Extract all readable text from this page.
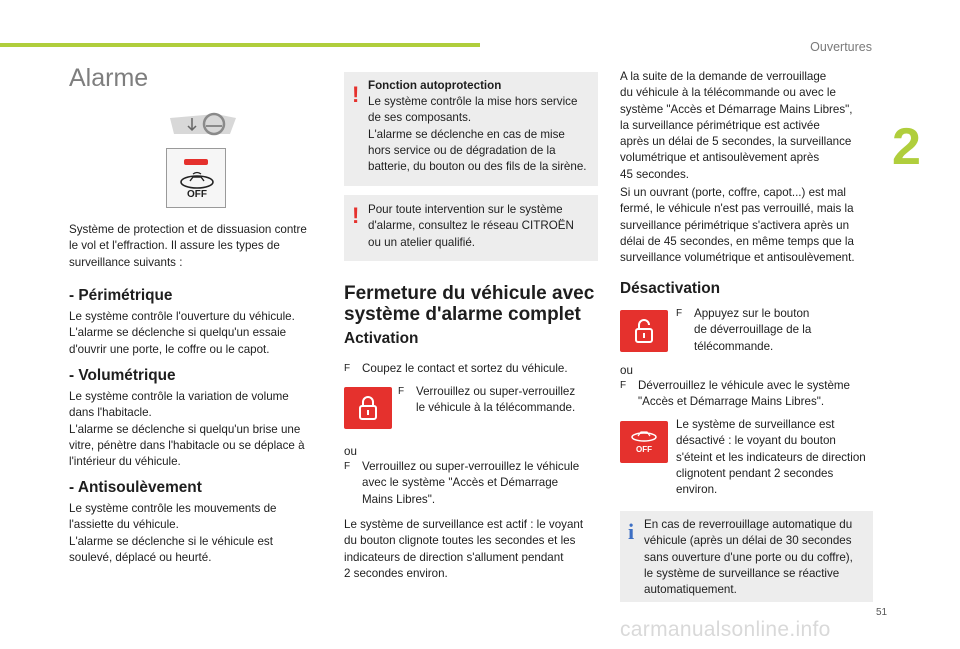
Ouvertures
2
Alarme
OFF
Système de protection et de dissuasion contre
le vol et l'effraction. Il assure les types de
surveillance suivants :
- Périmétrique
Le système contrôle l'ouverture du véhicule.
L'alarme se déclenche si quelqu'un essaie
d'ouvrir une porte, le coffre ou le capot.
- Volumétrique
Le système contrôle la variation de volume
dans l'habitacle.
L'alarme se déclenche si quelqu'un brise une
vitre, pénètre dans l'habitacle ou se déplace à
l'intérieur du véhicule.
- Antisoulèvement
Le système contrôle les mouvements de
l'assiette du véhicule.
L'alarme se déclenche si le véhicule est
soulevé, déplacé ou heurté.
! Fonction autoprotection
Le système contrôle la mise hors service
de ses composants.
L'alarme se déclenche en cas de mise
hors service ou de dégradation de la
batterie, du bouton ou des fils de la sirène.
! Pour toute intervention sur le système
d'alarme, consultez le réseau CITROËN
ou un atelier qualifié.
Fermeture du véhicule avec
système d'alarme complet
Activation
F	Coupez le contact et sortez du véhicule.
F	Verrouillez ou super-verrouillez
le véhicule à la télécommande.
ou
F	Verrouillez ou super-verrouillez le véhicule
avec le système "Accès et Démarrage
Mains Libres".
Le système de surveillance est actif : le voyant
du bouton clignote toutes les secondes et les
indicateurs de direction s'allument pendant
2 secondes environ.
A la suite de la demande de verrouillage
du véhicule à la télécommande ou avec le
système "Accès et Démarrage Mains Libres",
la surveillance périmétrique est activée
après un délai de 5 secondes, la surveillance
volumétrique et antisoulèvement après
45 secondes.
Si un ouvrant (porte, coffre, capot...) est mal
fermé, le véhicule n'est pas verrouillé, mais la
surveillance périmétrique s'activera après un
délai de 45 secondes, en même temps que la
surveillance volumétrique et antisoulèvement.
Désactivation
F	Appuyez sur le bouton
de déverrouillage de la
télécommande.
ou
F	Déverrouillez le véhicule avec le système
"Accès et Démarrage Mains Libres".
OFF
Le système de surveillance est
désactivé : le voyant du bouton
s'éteint et les indicateurs de direction
clignotent pendant 2 secondes
environ.
i En cas de reverrouillage automatique du
véhicule (après un délai de 30 secondes
sans ouverture d'une porte ou du coffre),
le système de surveillance se réactive
automatiquement.
51
carmanualsonline.info
